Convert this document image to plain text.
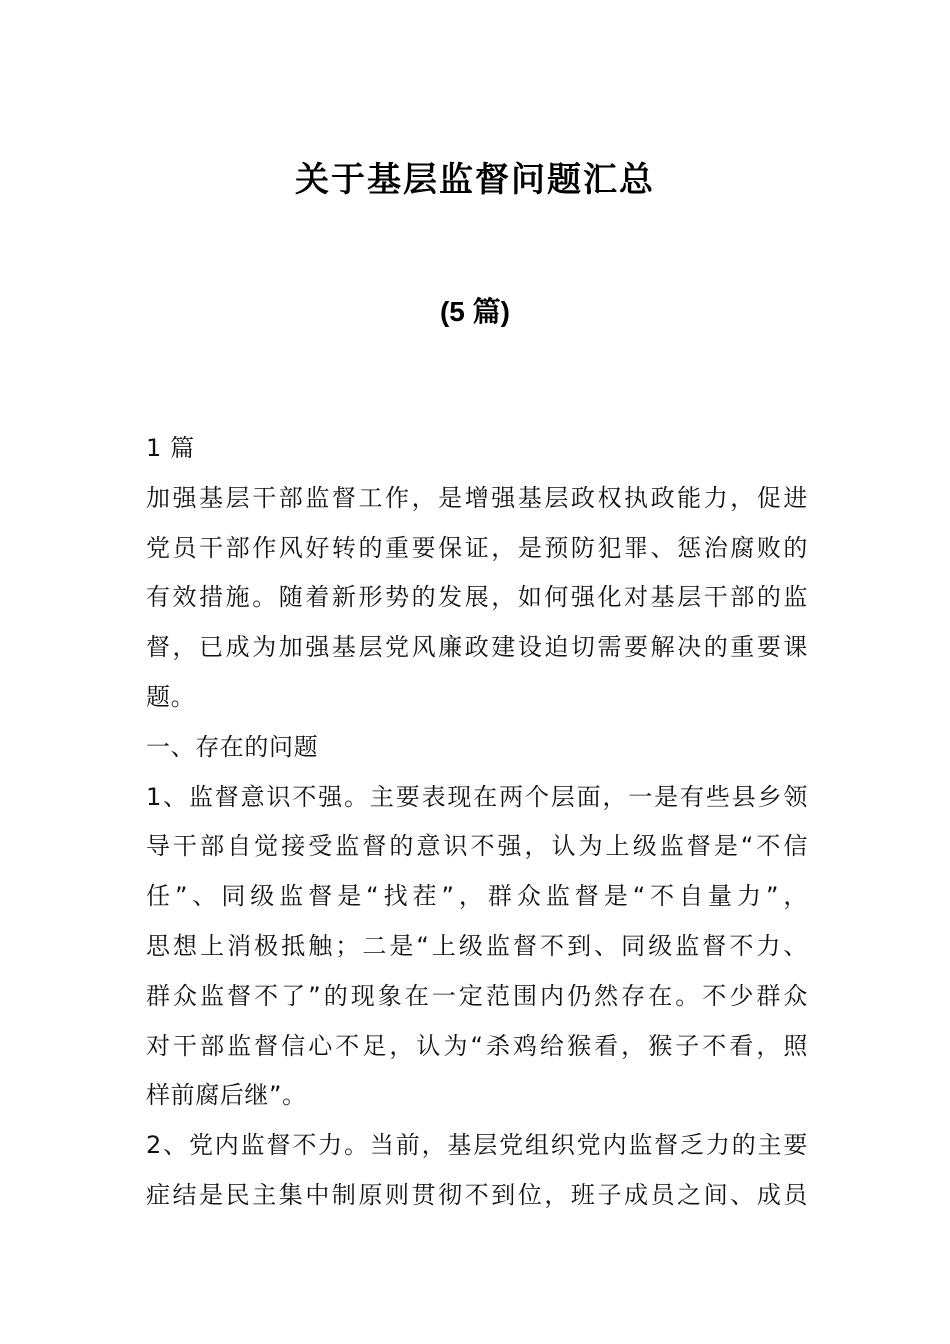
关于基层监督问题汇总
(5 篇)
1 篇
加强基层干部监督工作，是增强基层政权执政能力，促进
党员干部作风好转的重要保证，是预防犯罪、惩治腐败的
有效措施。随着新形势的发展，如何强化对基层干部的监
督，已成为加强基层党风廉政建设迫切需要解决的重要课
题。
一、存在的问题
1、监督意识不强。主要表现在两个层面，一是有些县乡领
导干部自觉接受监督的意识不强，认为上级监督是“不信
任”、同级监督是“找茬”，群众监督是“不自量力”，
思想上消极抵触；二是“上级监督不到、同级监督不力、
群众监督不了”的现象在一定范围内仍然存在。不少群众
对干部监督信心不足，认为“杀鸡给猴看，猴子不看，照
样前腐后继”。
2、党内监督不力。当前，基层党组织党内监督乏力的主要
症结是民主集中制原则贯彻不到位，班子成员之间、成员
